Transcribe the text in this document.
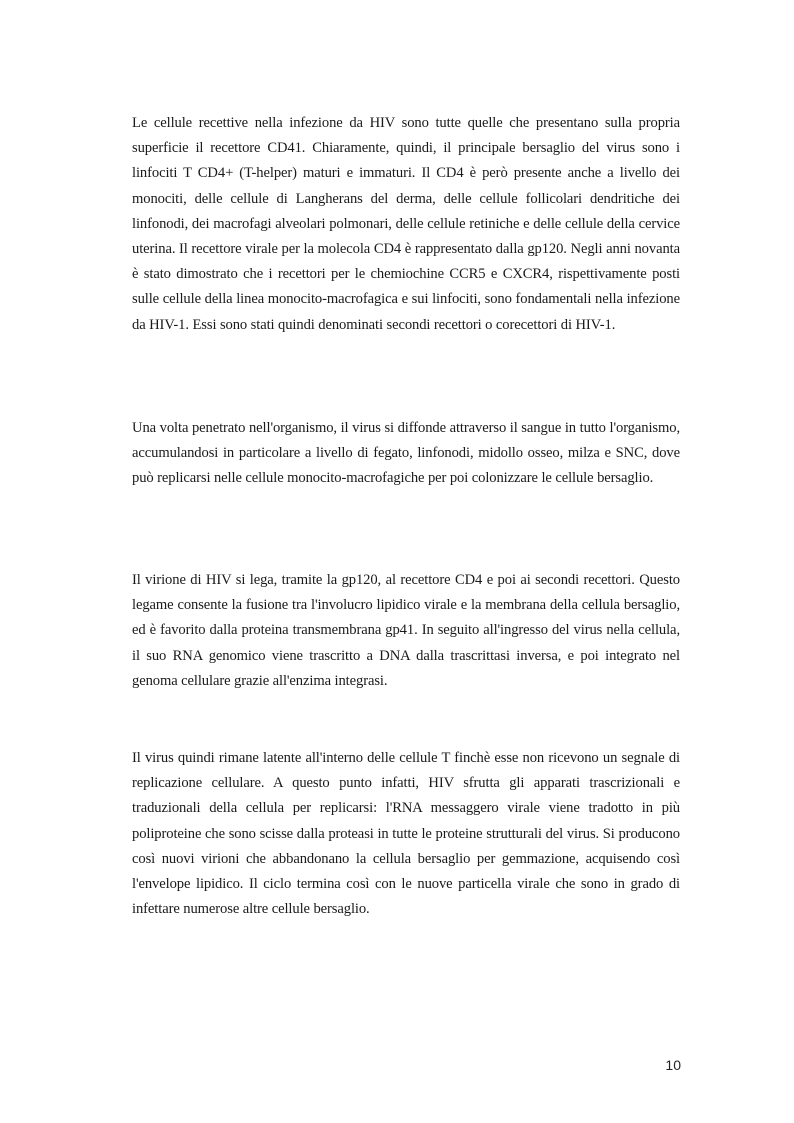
Le cellule recettive nella infezione da HIV sono tutte quelle che presentano sulla propria superficie il recettore CD41. Chiaramente, quindi, il principale bersaglio del virus sono i linfociti T CD4+ (T-helper) maturi e immaturi. Il CD4 è però presente anche a livello dei monociti, delle cellule di Langherans del derma, delle cellule follicolari dendritiche dei linfonodi, dei macrofagi alveolari polmonari, delle cellule retiniche e delle cellule della cervice uterina. Il recettore virale per la molecola CD4 è rappresentato dalla gp120. Negli anni novanta è stato dimostrato che i recettori per le chemiochine CCR5 e CXCR4, rispettivamente posti sulle cellule della linea monocito-macrofagica e sui linfociti, sono fondamentali nella infezione da HIV-1. Essi sono stati quindi denominati secondi recettori o corecettori di HIV-1.

Una volta penetrato nell'organismo, il virus si diffonde attraverso il sangue in tutto l'organismo, accumulandosi in particolare a livello di fegato, linfonodi, midollo osseo, milza e SNC, dove può replicarsi nelle cellule monocito-macrofagiche per poi colonizzare le cellule bersaglio.

Il virione di HIV si lega, tramite la gp120, al recettore CD4 e poi ai secondi recettori. Questo legame consente la fusione tra l'involucro lipidico virale e la membrana della cellula bersaglio, ed è favorito dalla proteina transmembrana gp41. In seguito all'ingresso del virus nella cellula, il suo RNA genomico viene trascritto a DNA dalla trascrittasi inversa, e poi integrato nel genoma cellulare grazie all'enzima integrasi.

Il virus quindi rimane latente all'interno delle cellule T finchè esse non ricevono un segnale di replicazione cellulare. A questo punto infatti, HIV sfrutta gli apparati trascrizionali e traduzionali della cellula per replicarsi: l'RNA messaggero virale viene tradotto in più poliproteine che sono scisse dalla proteasi in tutte le proteine strutturali del virus. Si producono così nuovi virioni che abbandonano la cellula bersaglio per gemmazione, acquisendo così l'envelope lipidico. Il ciclo termina così con le nuove particella virale che sono in grado di infettare numerose altre cellule bersaglio.

10
